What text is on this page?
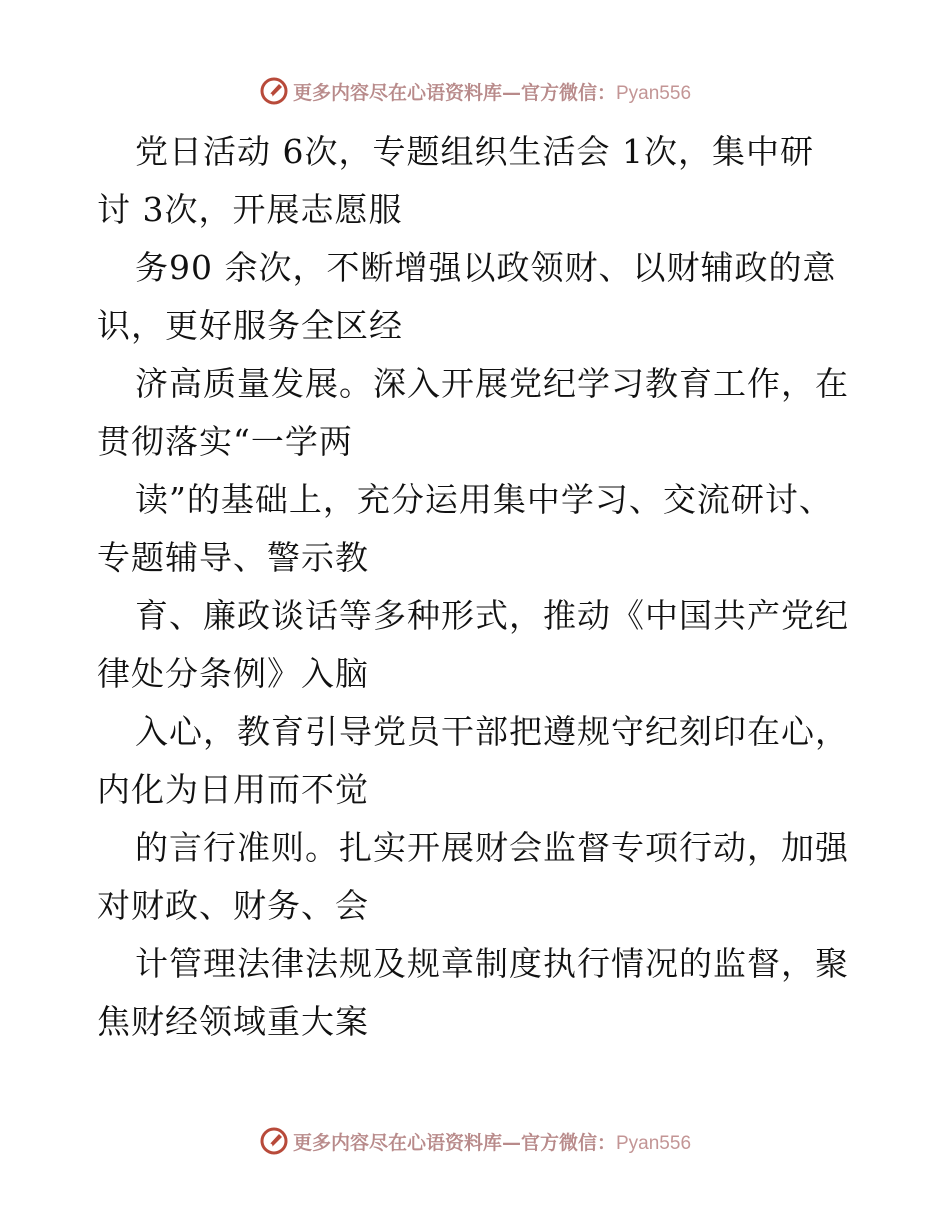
更多内容尽在心语资料库—官方微信：Pyan556
党日活动 6次，专题组织生活会 1次，集中研
讨 3次，开展志愿服
务90 余次，不断增强以政领财、以财辅政的意
识，更好服务全区经
济高质量发展。深入开展党纪学习教育工作，在
贯彻落实“一学两
读”的基础上，充分运用集中学习、交流研讨、
专题辅导、警示教
育、廉政谈话等多种形式，推动《中国共产党纪
律处分条例》入脑
入心，教育引导党员干部把遵规守纪刻印在心，
内化为日用而不觉
的言行准则。扎实开展财会监督专项行动，加强
对财政、财务、会
计管理法律法规及规章制度执行情况的监督，聚
焦财经领域重大案
更多内容尽在心语资料库—官方微信：Pyan556
